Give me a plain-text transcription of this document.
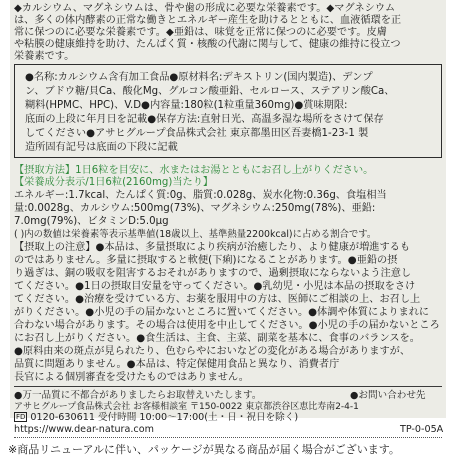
◆カルシウム、マグネシウムは、骨や歯の形成に必要な栄養素です。◆マグネシウム
は、多くの体内酵素の正常な働きとエネルギー産生を助けるとともに、血液循環を正
常に保つのに必要な栄養素です。◆亜鉛は、味覚を正常に保つのに必要です。皮膚
や粘膜の健康維持を助け、たんぱく質・核酸の代謝に関与して、健康の維持に役立つ
栄養素です。
●名称:カルシウム含有加工食品●原材料名:デキストリン(国内製造)、デンプ
ン、ブドウ糖/貝Ca、酸化Mg、グルコン酸亜鉛、セルロース、ステアリン酸Ca、
糊料(HPMC、HPC)、V.D●内容量:180粒(1粒重量360mg)●賞味期限:
底面の上段に年月日を記載●保存方法:直射日光、高温多湿な場所をさけて保存
してください●アサヒグループ食品株式会社 東京都墨田区吾妻橋1-23-1 製
造所固有記号は底面の下段に記載
【摂取方法】1日6粒を目安に、水またはお湯とともにお召し上がりください。
【栄養成分表示/1日6粒(2160mg)当たり】
エネルギー:1.7kcal、たんぱく質:0g、脂質:0.028g、炭水化物:0.36g、食塩相当
量:0.0028g、カルシウム:500mg(73%)、マグネシウム:250mg(78%)、亜鉛:
7.0mg(79%)、ビタミンD:5.0μg
( )内の数値は栄養素等表示基準値(18歳以上、基準熱量2200kcal)に占める割合です。
【摂取上の注意】●本品は、多量摂取により疾病が治癒したり、より健康が増進するも
のではありません。多量に摂取すると軟便(下痢)になることがあります。●亜鉛の摂
り過ぎは、銅の吸収を阻害するおそれがありますので、過剰摂取にならないよう注意し
てください。●1日の摂取目安量を守ってください。●乳幼児・小児は本品の摂取をさけ
てください。●治療を受けている方、お薬を服用中の方は、医師にご相談の上、お召し上
がりください。●小児の手の届かないところに置いてください。●体調や体質によりまれに
合わない場合があります。その場合は使用を中止してください。●小児の手の届かないところ
にお召し上がりください。●食生活は、主食、主菜、副菜を基本に、食事のバランスを。
●原料由来の斑点が見られたり、色むらやにおいなどの変化がある場合がありますが、
品質に問題ありません。●本品は、特定保健用食品と異なり、消費者庁
長官による個別審査を受けたものではありません。
●万一品質に不都合がありましたらお取替えいたします。	●お問い合わせ先
アサヒグループ食品株式会社 お客様相談室 〒150-0022 東京都渋谷区恵比寿南2-4-1
FD 0120-630611 受付時間 10:00～17:00(土・日・祝日を除く)
https://www.dear-natura.com	TP-0-05A
※商品リニューアルに伴い、パッケージが異なる商品が届く場合がございます。
